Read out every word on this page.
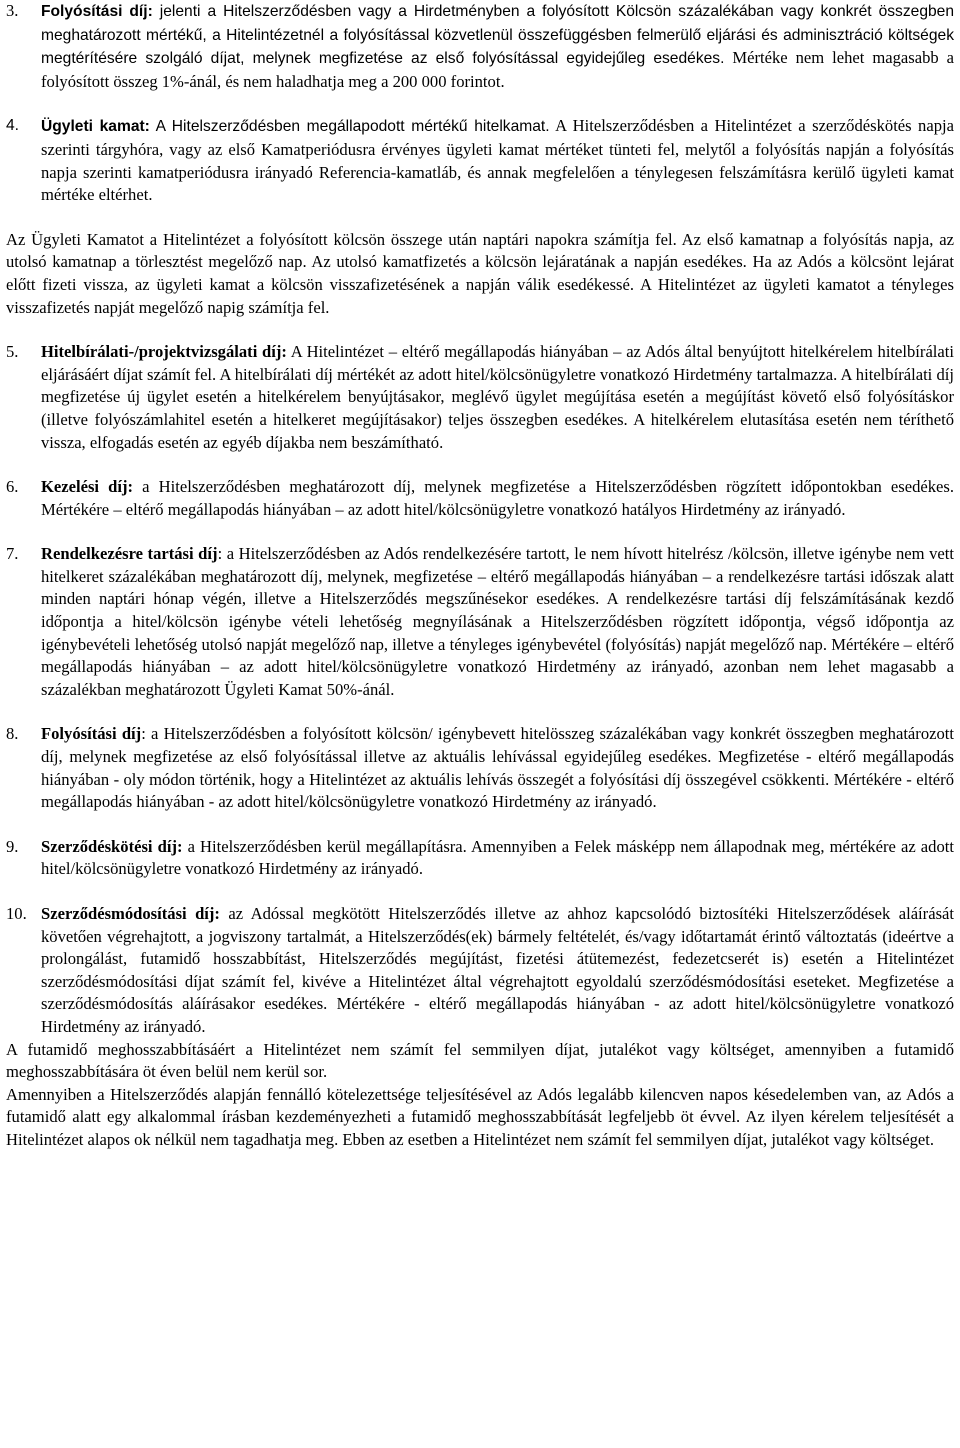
3. Folyósítási díj: jelenti a Hitelszerződésben vagy a Hirdetményben a folyósított Kölcsön százalékában vagy konkrét összegben meghatározott mértékű, a Hitelintézetnél a folyósítással közvetlenül összefüggésben felmerülő eljárási és adminisztráció költségek megtérítésére szolgáló díjat, melynek megfizetése az első folyósítással egyidejűleg esedékes. Mértéke nem lehet magasabb a folyósított összeg 1%-ánál, és nem haladhatja meg a 200 000 forintot.
4. Ügyleti kamat: A Hitelszerződésben megállapodott mértékű hitelkamat. A Hitelszerződésben a Hitelintézet a szerződéskötés napja szerinti tárgyhóra, vagy az első Kamatperiódusra érvényes ügyleti kamat mértéket tünteti fel, melytől a folyósítás napján a folyósítás napja szerinti kamatperiódusra irányadó Referencia-kamatláb, és annak megfelelően a ténylegesen felszámításra kerülő ügyleti kamat mértéke eltérhet.
Az Ügyleti Kamatot a Hitelintézet a folyósított kölcsön összege után naptári napokra számítja fel. Az első kamatnap a folyósítás napja, az utolsó kamatnap a törlesztést megelőző nap. Az utolsó kamatfizetés a kölcsön lejáratának a napján esedékes. Ha az Adós a kölcsönt lejárat előtt fizeti vissza, az ügyleti kamat a kölcsön visszafizetésének a napján válik esedékessé. A Hitelintézet az ügyleti kamatot a tényleges visszafizetés napját megelőző napig számítja fel.
5. Hitelbírálati-/projektvizsgálati díj: A Hitelintézet – eltérő megállapodás hiányában – az Adós által benyújtott hitelkérelem hitelbírálati eljárásáért díjat számít fel. A hitelbírálati díj mértékét az adott hitel/kölcsönügyletre vonatkozó Hirdetmény tartalmazza. A hitelbírálati díj megfizetése új ügylet esetén a hitelkérelem benyújtásakor, meglévő ügylet megújítása esetén a megújítást követő első folyósításkor (illetve folyószámlahitel esetén a hitelkeret megújításakor) teljes összegben esedékes. A hitelkérelem elutasítása esetén nem téríthető vissza, elfogadás esetén az egyéb díjakba nem beszámítható.
6. Kezelési díj: a Hitelszerződésben meghatározott díj, melynek megfizetése a Hitelszerződésben rögzített időpontokban esedékes. Mértékére – eltérő megállapodás hiányában – az adott hitel/kölcsönügyletre vonatkozó hatályos Hirdetmény az irányadó.
7. Rendelkezésre tartási díj: a Hitelszerződésben az Adós rendelkezésére tartott, le nem hívott hitelrész /kölcsön, illetve igénybe nem vett hitelkeret százalékában meghatározott díj, melynek, megfizetése – eltérő megállapodás hiányában – a rendelkezésre tartási időszak alatt minden naptári hónap végén, illetve a Hitelszerződés megszűnésekor esedékes. A rendelkezésre tartási díj felszámításának kezdő időpontja a hitel/kölcsön igénybe vételi lehetőség megnyílásának a Hitelszerződésben rögzített időpontja, végső időpontja az igénybevételi lehetőség utolsó napját megelőző nap, illetve a tényleges igénybevétel (folyósítás) napját megelőző nap. Mértékére – eltérő megállapodás hiányában – az adott hitel/kölcsönügyletre vonatkozó Hirdetmény az irányadó, azonban nem lehet magasabb a százalékban meghatározott Ügyleti Kamat 50%-ánál.
8. Folyósítási díj: a Hitelszerződésben a folyósított kölcsön/ igénybevett hitelösszeg százalékában vagy konkrét összegben meghatározott díj, melynek megfizetése az első folyósítással illetve az aktuális lehívással egyidejűleg esedékes. Megfizetése - eltérő megállapodás hiányában - oly módon történik, hogy a Hitelintézet az aktuális lehívás összegét a folyósítási díj összegével csökkenti. Mértékére - eltérő megállapodás hiányában - az adott hitel/kölcsönügyletre vonatkozó Hirdetmény az irányadó.
9. Szerződéskötési díj: a Hitelszerződésben kerül megállapításra. Amennyiben a Felek másképp nem állapodnak meg, mértékére az adott hitel/kölcsönügyletre vonatkozó Hirdetmény az irányadó.
10. Szerződésmódosítási díj: az Adóssal megkötött Hitelszerződés illetve az ahhoz kapcsolódó biztosítéki Hitelszerződések aláírását követően végrehajtott, a jogviszony tartalmát, a Hitelszerződés(ek) bármely feltételét, és/vagy időtartamát érintő változtatás (ideértve a prolongálást, futamidő hosszabbítást, Hitelszerződés megújítást, fizetési átütemezést, fedezetcserét is) esetén a Hitelintézet szerződésmódosítási díjat számít fel, kivéve a Hitelintézet által végrehajtott egyoldalú szerződésmódosítási eseteket. Megfizetése a szerződésmódosítás aláírásakor esedékes. Mértékére - eltérő megállapodás hiányában - az adott hitel/kölcsönügyletre vonatkozó Hirdetmény az irányadó.
A futamidő meghosszabbításáért a Hitelintézet nem számít fel semmilyen díjat, jutalékot vagy költséget, amennyiben a futamidő meghosszabbítására öt éven belül nem kerül sor.
Amennyiben a Hitelszerződés alapján fennálló kötelezettsége teljesítésével az Adós legalább kilencven napos késedelemben van, az Adós a futamidő alatt egy alkalommal írásban kezdeményezheti a futamidő meghosszabbítását legfeljebb öt évvel. Az ilyen kérelem teljesítését a Hitelintézet alapos ok nélkül nem tagadhatja meg. Ebben az esetben a Hitelintézet nem számít fel semmilyen díjat, jutalékot vagy költséget.
